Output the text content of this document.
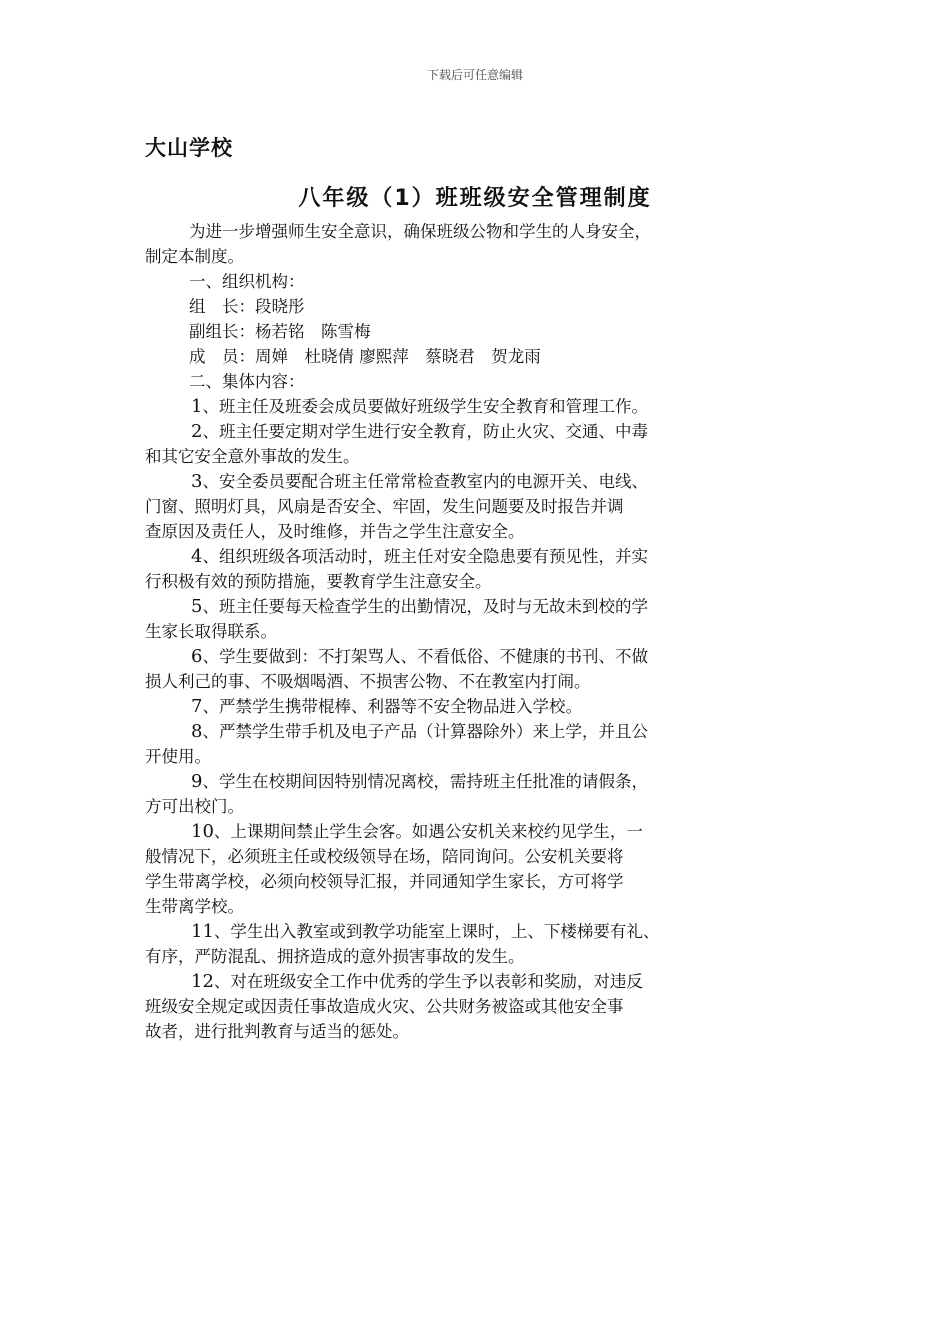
下载后可任意编辑
大山学校
八年级（1）班班级安全管理制度
为进一步增强师生安全意识，确保班级公物和学生的人身安全，
制定本制度。
一、组织机构：
组　长：段晓彤
副组长：杨若铭　陈雪梅
成　员：周婵　杜晓倩 廖熙萍　蔡晓君　贺龙雨
二、集体内容：
1、班主任及班委会成员要做好班级学生安全教育和管理工作。
2、班主任要定期对学生进行安全教育，防止火灾、交通、中毒
和其它安全意外事故的发生。
3、安全委员要配合班主任常常检查教室内的电源开关、电线、
门窗、照明灯具，风扇是否安全、牢固，发生问题要及时报告并调
查原因及责任人，及时维修，并告之学生注意安全。
4、组织班级各项活动时，班主任对安全隐患要有预见性，并实
行积极有效的预防措施，要教育学生注意安全。
5、班主任要每天检查学生的出勤情况，及时与无故未到校的学
生家长取得联系。
6、学生要做到：不打架骂人、不看低俗、不健康的书刊、不做
损人利己的事、不吸烟喝酒、不损害公物、不在教室内打闹。
7、严禁学生携带棍棒、利器等不安全物品进入学校。
8、严禁学生带手机及电子产品（计算器除外）来上学，并且公
开使用。
9、学生在校期间因特别情况离校，需持班主任批准的请假条，
方可出校门。
10、上课期间禁止学生会客。如遇公安机关来校约见学生，一
般情况下，必须班主任或校级领导在场，陪同询问。公安机关要将
学生带离学校，必须向校领导汇报，并同通知学生家长，方可将学
生带离学校。
11、学生出入教室或到教学功能室上课时，上、下楼梯要有礼、
有序，严防混乱、拥挤造成的意外损害事故的发生。
12、对在班级安全工作中优秀的学生予以表彰和奖励，对违反
班级安全规定或因责任事故造成火灾、公共财务被盗或其他安全事
故者，进行批判教育与适当的惩处。
